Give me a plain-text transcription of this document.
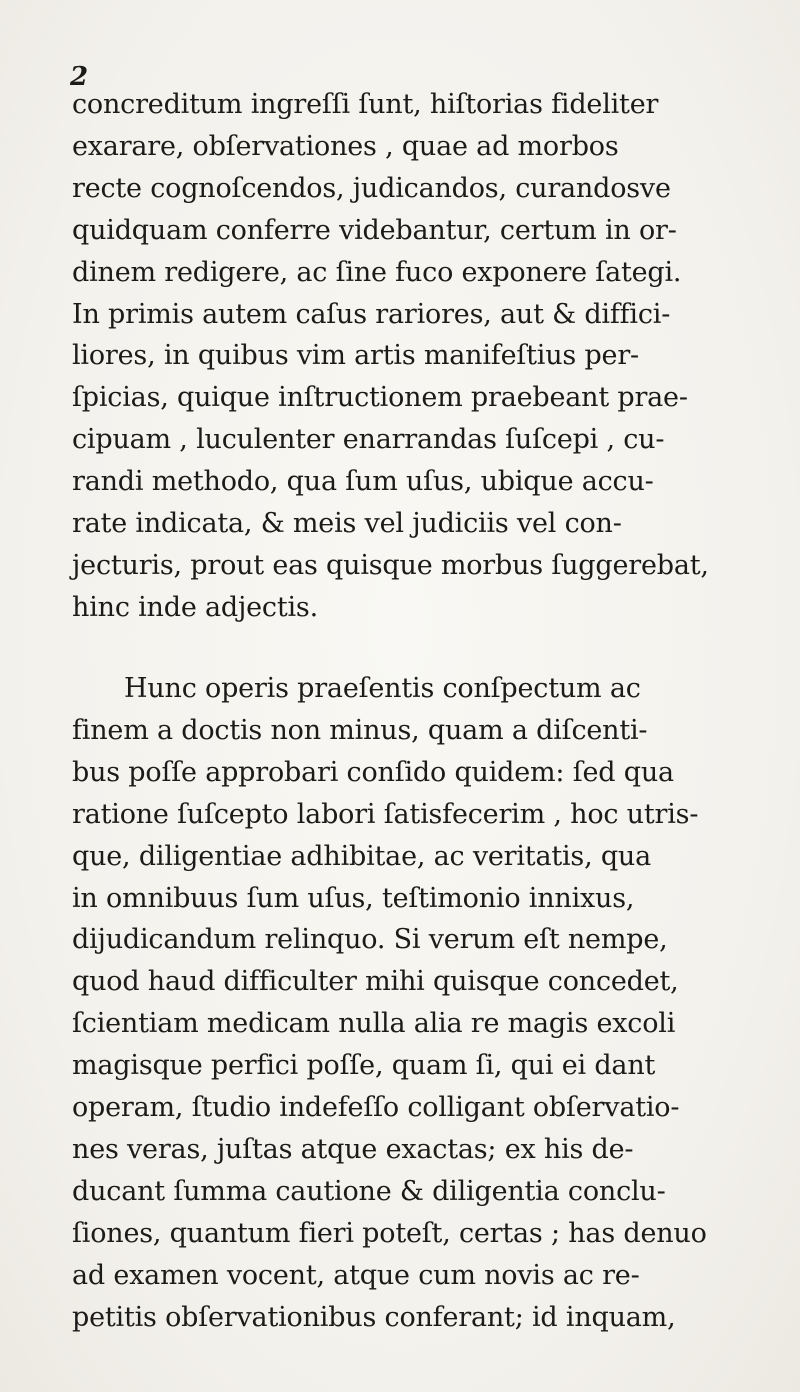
2
concreditum ingreſſi ſunt, hiſtorias fideliter
exarare, obſervationes , quae ad morbos
recte cognoſcendos, judicandos, curandosve
quidquam conferre videbantur, certum in or-
dinem redigere, ac ſine fuco exponere ſategi.
In primis autem caſus rariores, aut & diffici-
liores, in quibus vim artis manifeſtius per-
ſpicias, quique inſtructionem praebeant prae-
cipuam , luculenter enarrandas ſuſcepi , cu-
randi methodo, qua ſum uſus, ubique accu-
rate indicata, & meis vel judiciis vel con-
jecturis, prout eas quisque morbus ſuggerebat,
hinc inde adjectis.
Hunc operis praeſentis conſpectum ac
finem a doctis non minus, quam a diſcenti-
bus poſſe approbari conſido quidem: ſed qua
ratione ſuſcepto labori ſatisfecerim , hoc utris-
que, diligentiae adhibitae, ac veritatis, qua
in omnibuus ſum uſus, teſtimonio innixus,
dijudicandum relinquo. Si verum eſt nempe,
quod haud difficulter mihi quisque concedet,
ſcientiam medicam nulla alia re magis excoli
magisque perfici poſſe, quam ſi, qui ei dant
operam, ſtudio indefeſſo colligant obſervatio-
nes veras, juſtas atque exactas; ex his de-
ducant ſumma cautione & diligentia conclu-
ſiones, quantum fieri poteſt, certas ; has denuo
ad examen vocent, atque cum novis ac re-
petitis obſervationibus conferant; id inquam,
